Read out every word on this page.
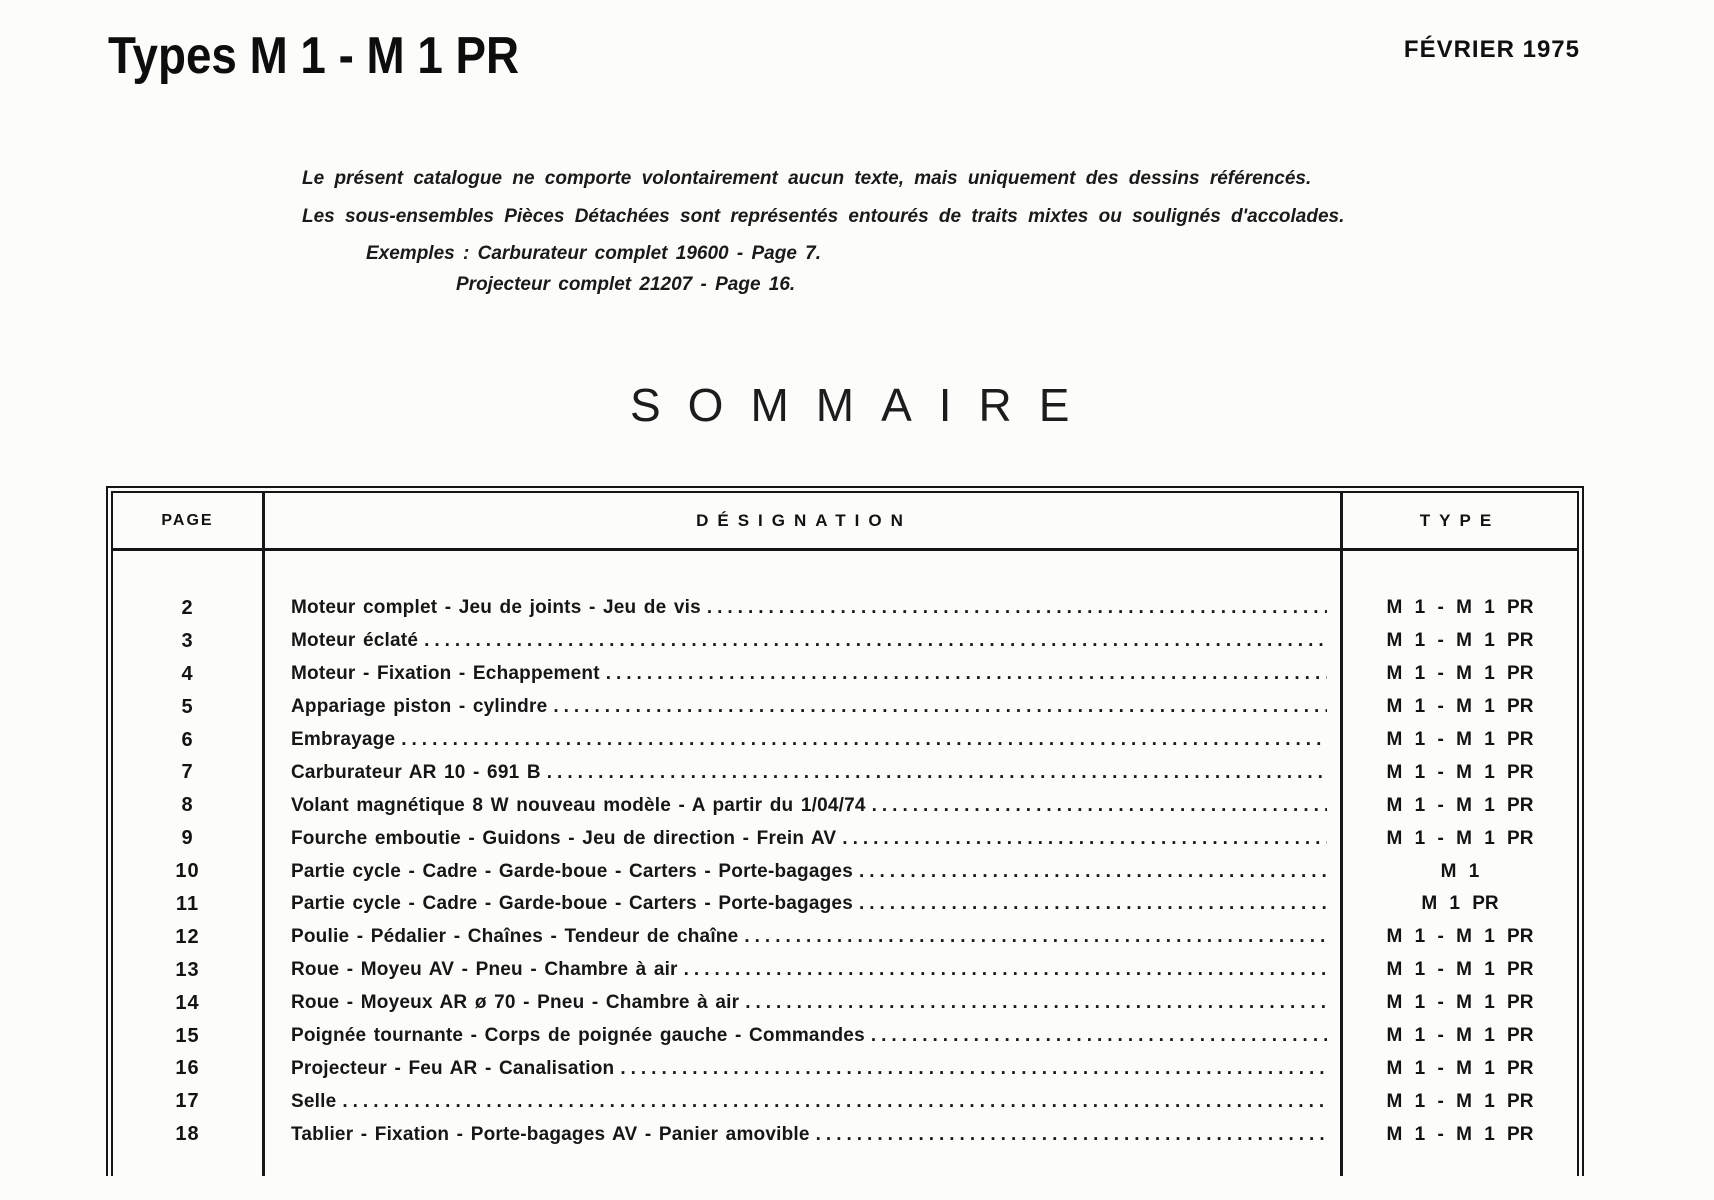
Types M 1 - M 1 PR	FÉVRIER 1975
Le présent catalogue ne comporte volontairement aucun texte, mais uniquement des dessins référencés.
Les sous-ensembles Pièces Détachées sont représentés entourés de traits mixtes ou soulignés d'accolades.
Exemples : Carburateur complet 19600 - Page 7.
Projecteur complet 21207 - Page 16.
SOMMAIRE
PAGE	DÉSIGNATION	TYPE
2	Moteur complet - Jeu de joints - Jeu de vis .....	M 1 - M 1 PR
3	Moteur éclaté .....	M 1 - M 1 PR
4	Moteur - Fixation - Echappement .....	M 1 - M 1 PR
5	Appariage piston - cylindre .....	M 1 - M 1 PR
6	Embrayage .....	M 1 - M 1 PR
7	Carburateur AR 10 - 691 B .....	M 1 - M 1 PR
8	Volant magnétique 8 W nouveau modèle - A partir du 1/04/74 .....	M 1 - M 1 PR
9	Fourche emboutie - Guidons - Jeu de direction - Frein AV .....	M 1 - M 1 PR
10	Partie cycle - Cadre - Garde-boue - Carters - Porte-bagages .....	M 1
11	Partie cycle - Cadre - Garde-boue - Carters - Porte-bagages .....	M 1 PR
12	Poulie - Pédalier - Chaînes - Tendeur de chaîne .....	M 1 - M 1 PR
13	Roue - Moyeu AV - Pneu - Chambre à air .....	M 1 - M 1 PR
14	Roue - Moyeux AR ø 70 - Pneu - Chambre à air .....	M 1 - M 1 PR
15	Poignée tournante - Corps de poignée gauche - Commandes .....	M 1 - M 1 PR
16	Projecteur - Feu AR - Canalisation .....	M 1 - M 1 PR
17	Selle .....	M 1 - M 1 PR
18	Tablier - Fixation - Porte-bagages AV - Panier amovible .....	M 1 - M 1 PR
